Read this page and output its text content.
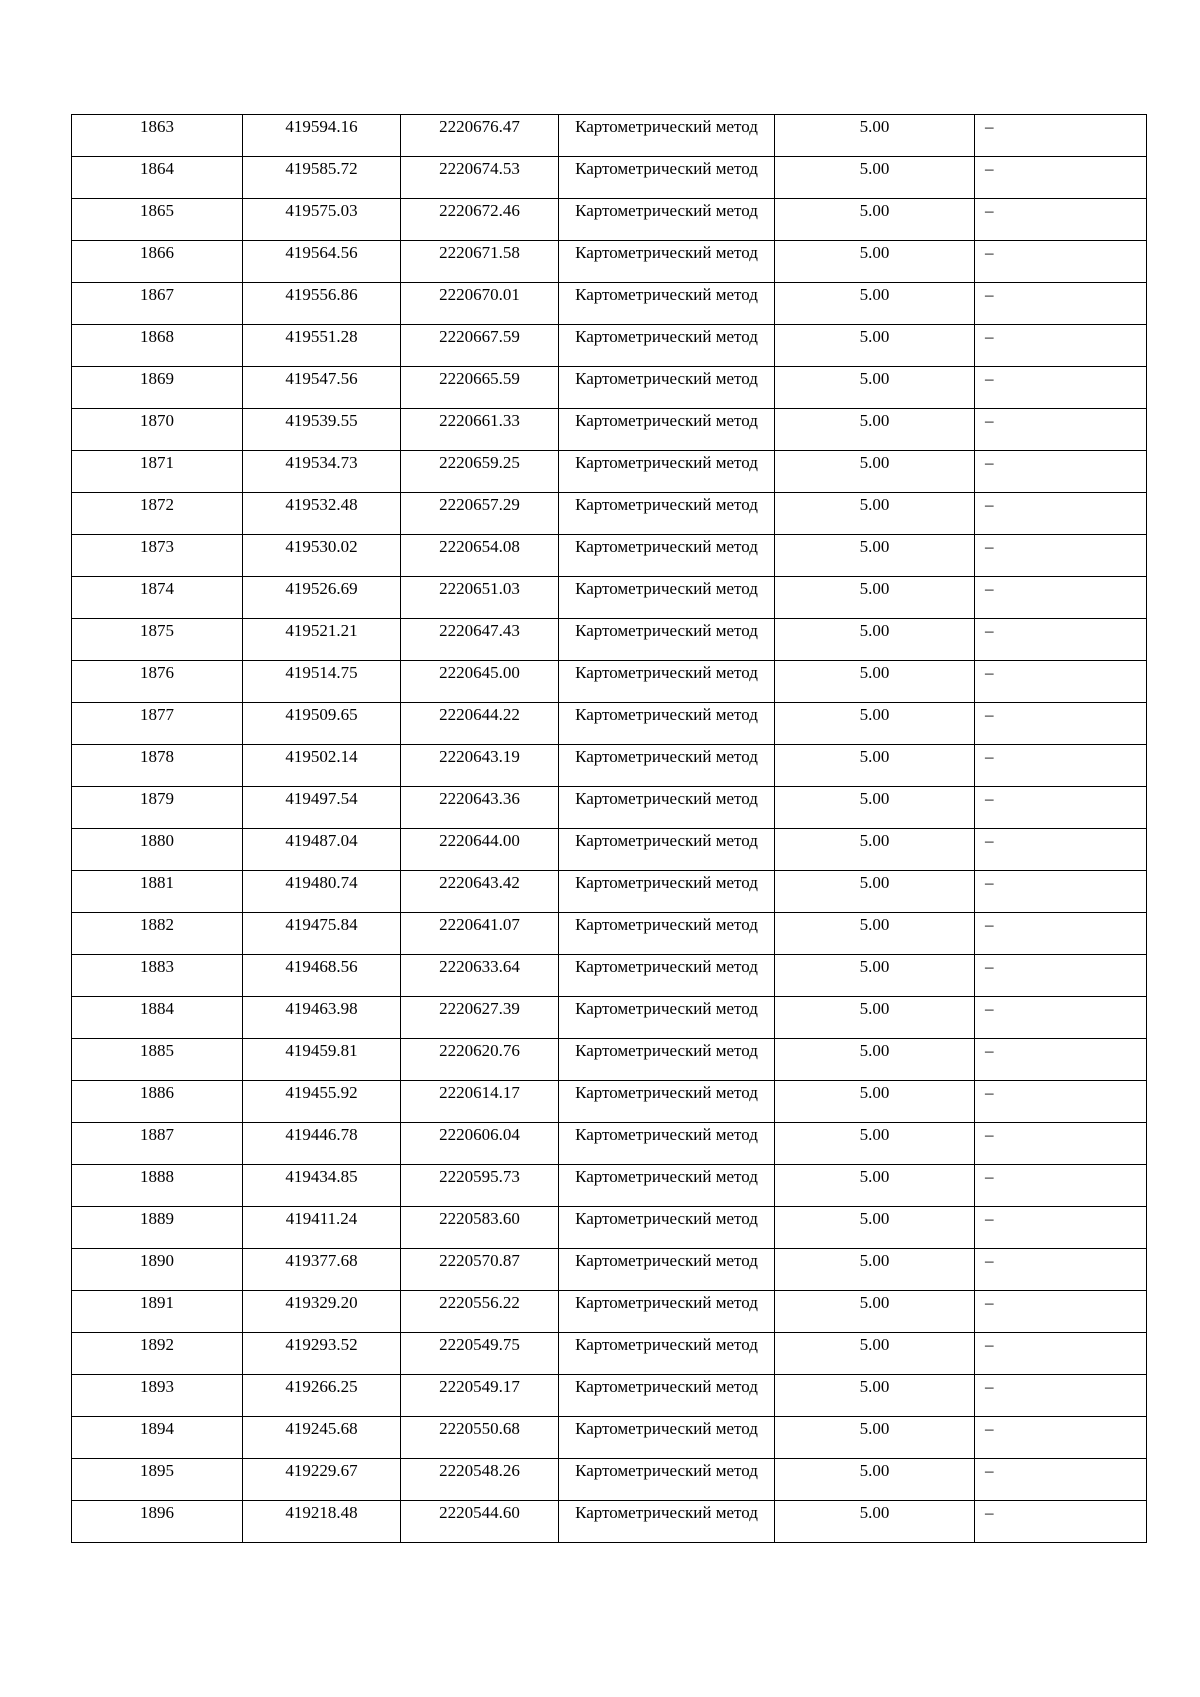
1863	419594.16	2220676.47	Картометрический метод	5.00	–
1864	419585.72	2220674.53	Картометрический метод	5.00	–
1865	419575.03	2220672.46	Картометрический метод	5.00	–
1866	419564.56	2220671.58	Картометрический метод	5.00	–
1867	419556.86	2220670.01	Картометрический метод	5.00	–
1868	419551.28	2220667.59	Картометрический метод	5.00	–
1869	419547.56	2220665.59	Картометрический метод	5.00	–
1870	419539.55	2220661.33	Картометрический метод	5.00	–
1871	419534.73	2220659.25	Картометрический метод	5.00	–
1872	419532.48	2220657.29	Картометрический метод	5.00	–
1873	419530.02	2220654.08	Картометрический метод	5.00	–
1874	419526.69	2220651.03	Картометрический метод	5.00	–
1875	419521.21	2220647.43	Картометрический метод	5.00	–
1876	419514.75	2220645.00	Картометрический метод	5.00	–
1877	419509.65	2220644.22	Картометрический метод	5.00	–
1878	419502.14	2220643.19	Картометрический метод	5.00	–
1879	419497.54	2220643.36	Картометрический метод	5.00	–
1880	419487.04	2220644.00	Картометрический метод	5.00	–
1881	419480.74	2220643.42	Картометрический метод	5.00	–
1882	419475.84	2220641.07	Картометрический метод	5.00	–
1883	419468.56	2220633.64	Картометрический метод	5.00	–
1884	419463.98	2220627.39	Картометрический метод	5.00	–
1885	419459.81	2220620.76	Картометрический метод	5.00	–
1886	419455.92	2220614.17	Картометрический метод	5.00	–
1887	419446.78	2220606.04	Картометрический метод	5.00	–
1888	419434.85	2220595.73	Картометрический метод	5.00	–
1889	419411.24	2220583.60	Картометрический метод	5.00	–
1890	419377.68	2220570.87	Картометрический метод	5.00	–
1891	419329.20	2220556.22	Картометрический метод	5.00	–
1892	419293.52	2220549.75	Картометрический метод	5.00	–
1893	419266.25	2220549.17	Картометрический метод	5.00	–
1894	419245.68	2220550.68	Картометрический метод	5.00	–
1895	419229.67	2220548.26	Картометрический метод	5.00	–
1896	419218.48	2220544.60	Картометрический метод	5.00	–
